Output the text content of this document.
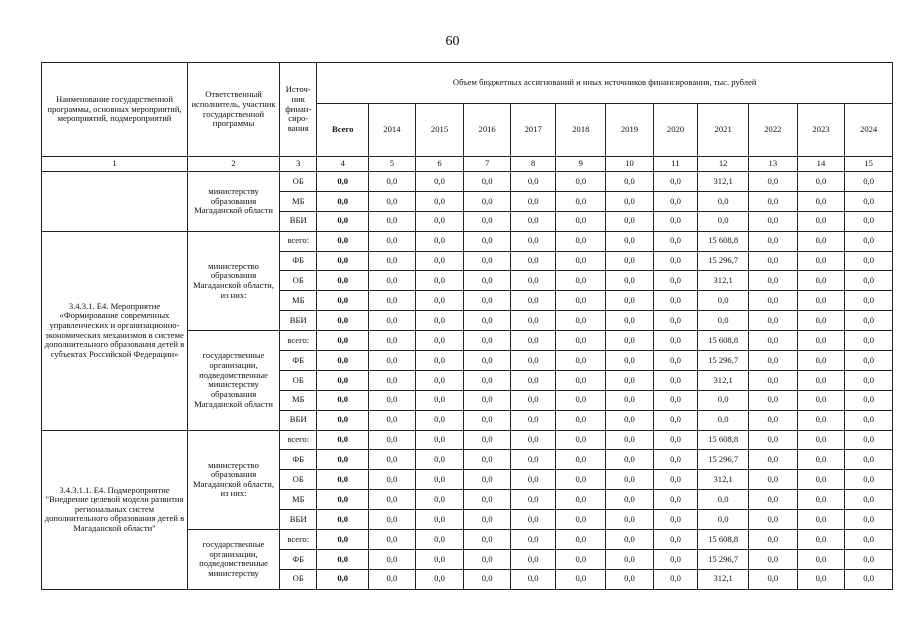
60
Наименование государственной программы, основных мероприятий, мероприятий, подмероприятий	Ответственный исполнитель, участник государственной программы	Источ-ник финан-сиро-вания	Объем бюджетных ассигнований и иных источников финансирования, тыс. рублей											
			Всего	2014	2015	2016	2017	2018	2019	2020	2021	2022	2023	2024
1	2	3	4	5	6	7	8	9	10	11	12	13	14	15
	министерству образования Магаданской области	ОБ	0,0	0,0	0,0	0,0	0,0	0,0	0,0	0,0	312,1	0,0	0,0	0,0
		МБ	0,0	0,0	0,0	0,0	0,0	0,0	0,0	0,0	0,0	0,0	0,0	0,0
		ВБИ	0,0	0,0	0,0	0,0	0,0	0,0	0,0	0,0	0,0	0,0	0,0	0,0
3.4.3.1. Е4. Мероприятие «Формирование современных управленческих и организационно-экономических механизмов в системе дополнительного образования детей в субъектах Российской Федерации»	министерство образования Магаданской области, из них:	всего:	0,0	0,0	0,0	0,0	0,0	0,0	0,0	0,0	15 608,8	0,0	0,0	0,0
		ФБ	0,0	0,0	0,0	0,0	0,0	0,0	0,0	0,0	15 296,7	0,0	0,0	0,0
		ОБ	0,0	0,0	0,0	0,0	0,0	0,0	0,0	0,0	312,1	0,0	0,0	0,0
		МБ	0,0	0,0	0,0	0,0	0,0	0,0	0,0	0,0	0,0	0,0	0,0	0,0
		ВБИ	0,0	0,0	0,0	0,0	0,0	0,0	0,0	0,0	0,0	0,0	0,0	0,0
	государственные организации, подведомственные министерству образования Магаданской области	всего:	0,0	0,0	0,0	0,0	0,0	0,0	0,0	0,0	15 608,8	0,0	0,0	0,0
		ФБ	0,0	0,0	0,0	0,0	0,0	0,0	0,0	0,0	15 296,7	0,0	0,0	0,0
		ОБ	0,0	0,0	0,0	0,0	0,0	0,0	0,0	0,0	312,1	0,0	0,0	0,0
		МБ	0,0	0,0	0,0	0,0	0,0	0,0	0,0	0,0	0,0	0,0	0,0	0,0
		ВБИ	0,0	0,0	0,0	0,0	0,0	0,0	0,0	0,0	0,0	0,0	0,0	0,0
3.4.3.1.1. Е4. Подмероприятие "Внедрение целевой модели развития региональных систем дополнительного образования детей в Магаданской области"	министерство образования Магаданской области, из них:	всего:	0,0	0,0	0,0	0,0	0,0	0,0	0,0	0,0	15 608,8	0,0	0,0	0,0
		ФБ	0,0	0,0	0,0	0,0	0,0	0,0	0,0	0,0	15 296,7	0,0	0,0	0,0
		ОБ	0,0	0,0	0,0	0,0	0,0	0,0	0,0	0,0	312,1	0,0	0,0	0,0
		МБ	0,0	0,0	0,0	0,0	0,0	0,0	0,0	0,0	0,0	0,0	0,0	0,0
		ВБИ	0,0	0,0	0,0	0,0	0,0	0,0	0,0	0,0	0,0	0,0	0,0	0,0
	государственные организации, подведомственные министерству	всего:	0,0	0,0	0,0	0,0	0,0	0,0	0,0	0,0	15 608,8	0,0	0,0	0,0
		ФБ	0,0	0,0	0,0	0,0	0,0	0,0	0,0	0,0	15 296,7	0,0	0,0	0,0
		ОБ	0,0	0,0	0,0	0,0	0,0	0,0	0,0	0,0	312,1	0,0	0,0	0,0
